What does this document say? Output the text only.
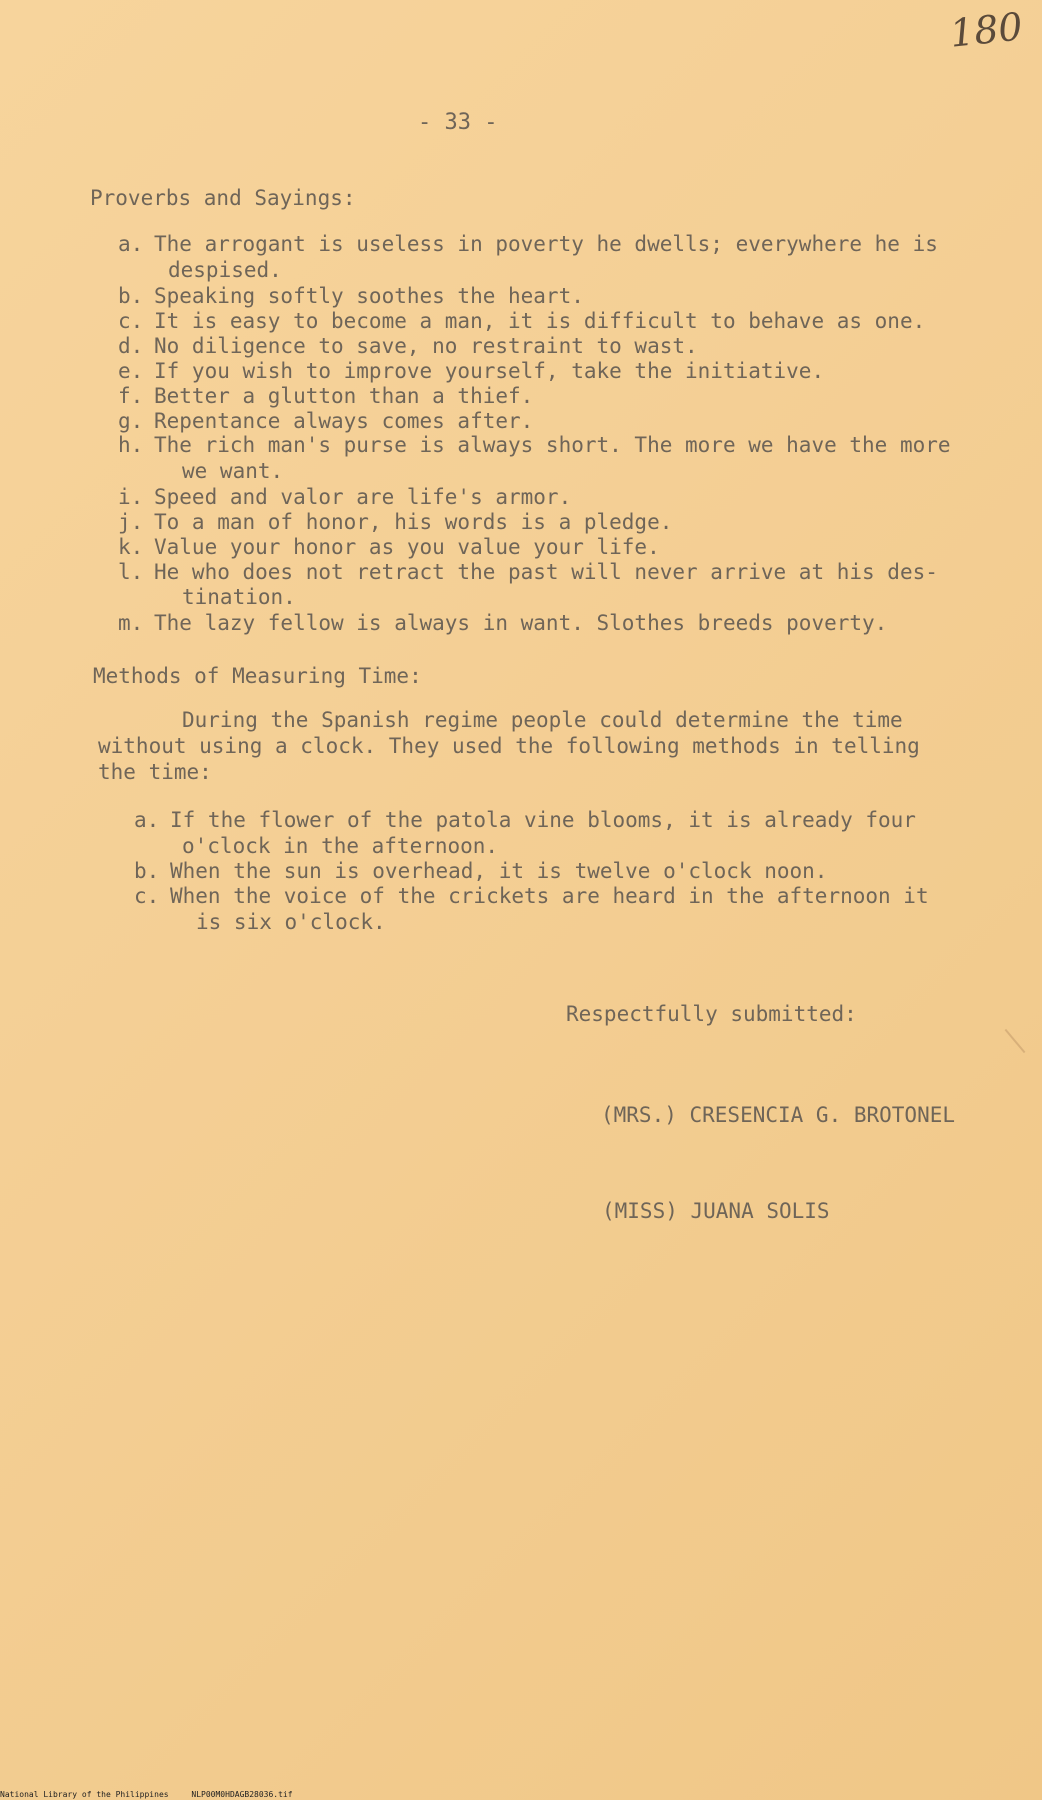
180
- 33 -
Proverbs and Sayings:
a. The arrogant is useless in poverty he dwells; everywhere he is
despised.
b. Speaking softly soothes the heart.
c. It is easy to become a man, it is difficult to behave as one.
d. No diligence to save, no restraint to wast.
e. If you wish to improve yourself, take the initiative.
f. Better a glutton than a thief.
g. Repentance always comes after.
h. The rich man's purse is always short. The more we have the more
we want.
i. Speed and valor are life's armor.
j. To a man of honor, his words is a pledge.
k. Value your honor as you value your life.
l. He who does not retract the past will never arrive at his des-
tination.
m. The lazy fellow is always in want. Slothes breeds poverty.
Methods of Measuring Time:
During the Spanish regime people could determine the time
without using a clock. They used the following methods in telling
the time:
a. If the flower of the patola vine blooms, it is already four
o'clock in the afternoon.
b. When the sun is overhead, it is twelve o'clock noon.
c. When the voice of the crickets are heard in the afternoon it
is six o'clock.
Respectfully submitted:
(MRS.) CRESENCIA G. BROTONEL
(MISS) JUANA SOLIS
National Library of the Philippines	NLP00M0HDAGB28036.tif
